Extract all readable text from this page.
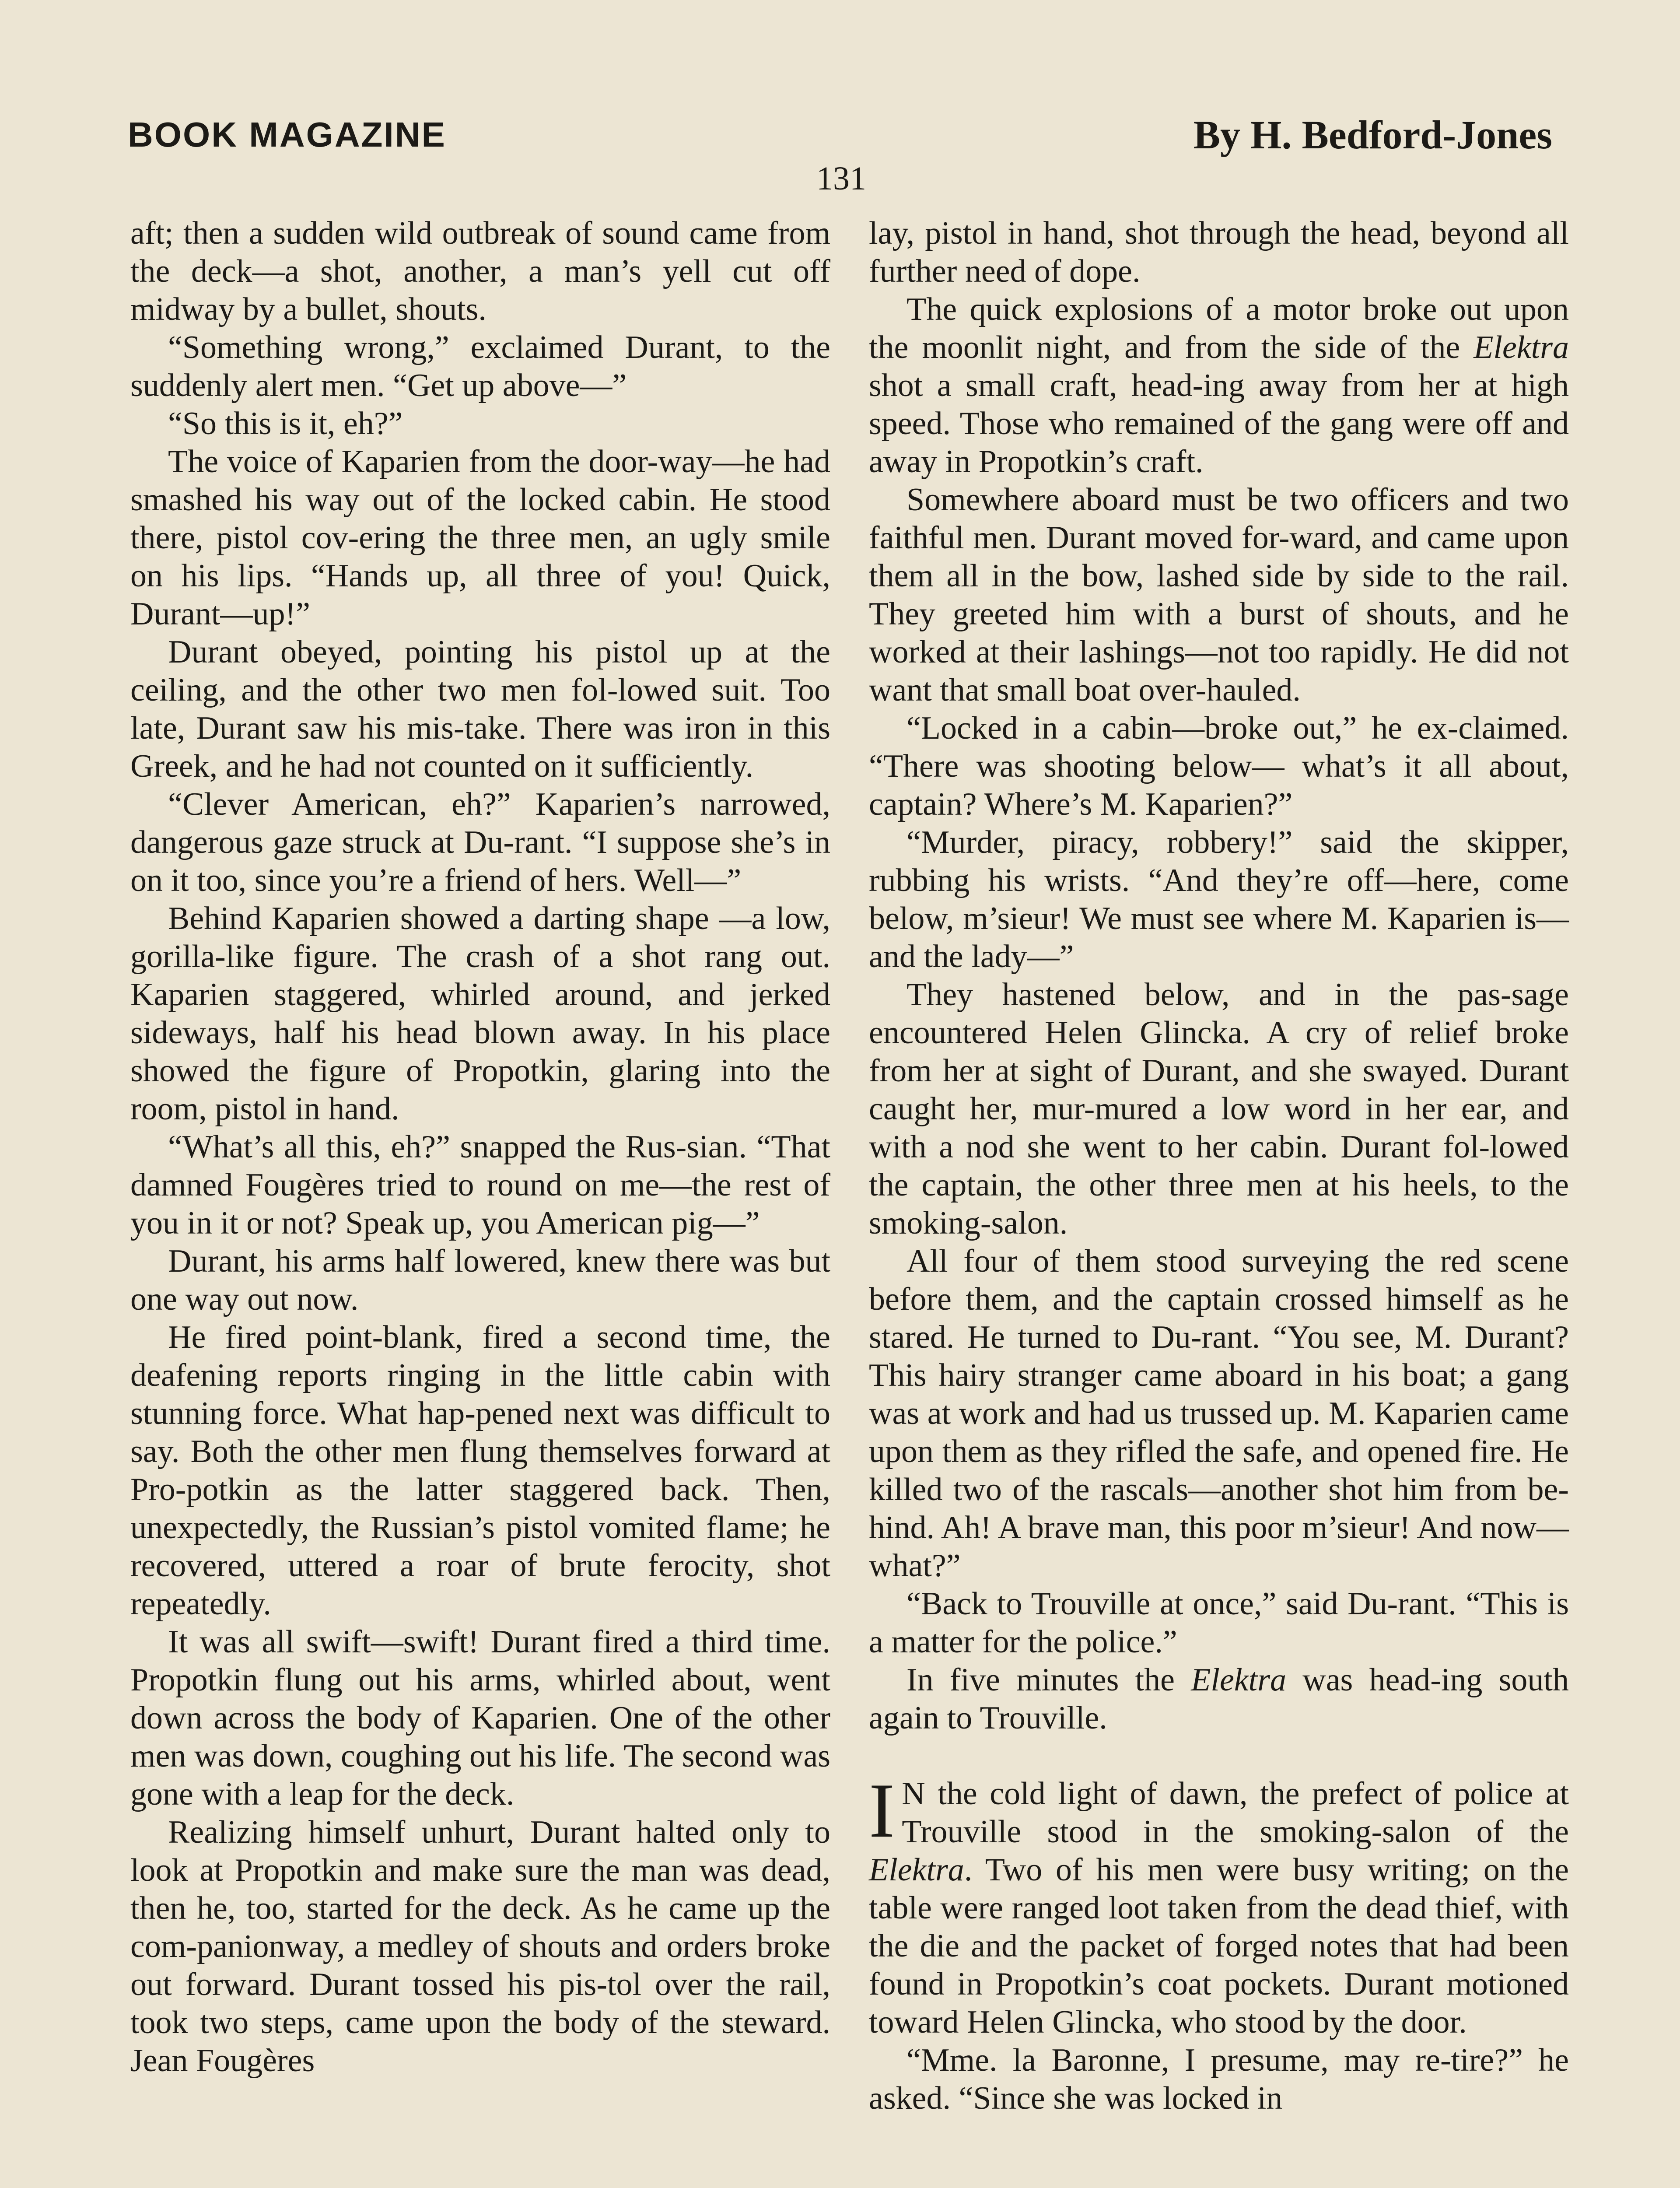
BOOK MAGAZINE	By H. Bedford-Jones
131

aft; then a sudden wild outbreak of sound came from the deck—a shot, another, a man’s yell cut off midway by a bullet, shouts.

“Something wrong,” exclaimed Durant, to the suddenly alert men. “Get up above—”

“So this is it, eh?”

The voice of Kaparien from the door-way—he had smashed his way out of the locked cabin. He stood there, pistol cov-ering the three men, an ugly smile on his lips. “Hands up, all three of you! Quick, Durant—up!”

Durant obeyed, pointing his pistol up at the ceiling, and the other two men fol-lowed suit. Too late, Durant saw his mis-take. There was iron in this Greek, and he had not counted on it sufficiently.

“Clever American, eh?” Kaparien’s narrowed, dangerous gaze struck at Du-rant. “I suppose she’s in on it too, since you’re a friend of hers. Well—”

Behind Kaparien showed a darting shape —a low, gorilla-like figure. The crash of a shot rang out. Kaparien staggered, whirled around, and jerked sideways, half his head blown away. In his place showed the figure of Propotkin, glaring into the room, pistol in hand.

“What’s all this, eh?” snapped the Rus-sian. “That damned Fougères tried to round on me—the rest of you in it or not? Speak up, you American pig—”

Durant, his arms half lowered, knew there was but one way out now.

He fired point-blank, fired a second time, the deafening reports ringing in the little cabin with stunning force. What hap-pened next was difficult to say. Both the other men flung themselves forward at Pro-potkin as the latter staggered back. Then, unexpectedly, the Russian’s pistol vomited flame; he recovered, uttered a roar of brute ferocity, shot repeatedly.

It was all swift—swift! Durant fired a third time. Propotkin flung out his arms, whirled about, went down across the body of Kaparien. One of the other men was down, coughing out his life. The second was gone with a leap for the deck.

Realizing himself unhurt, Durant halted only to look at Propotkin and make sure the man was dead, then he, too, started for the deck. As he came up the com-panionway, a medley of shouts and orders broke out forward. Durant tossed his pis-tol over the rail, took two steps, came upon the body of the steward. Jean Fougères

lay, pistol in hand, shot through the head, beyond all further need of dope.

The quick explosions of a motor broke out upon the moonlit night, and from the side of the Elektra shot a small craft, head-ing away from her at high speed. Those who remained of the gang were off and away in Propotkin’s craft.

Somewhere aboard must be two officers and two faithful men. Durant moved for-ward, and came upon them all in the bow, lashed side by side to the rail. They greeted him with a burst of shouts, and he worked at their lashings—not too rapidly. He did not want that small boat over-hauled.

“Locked in a cabin—broke out,” he ex-claimed. “There was shooting below— what’s it all about, captain? Where’s M. Kaparien?”

“Murder, piracy, robbery!” said the skipper, rubbing his wrists. “And they’re off—here, come below, m’sieur! We must see where M. Kaparien is—and the lady—”

They hastened below, and in the pas-sage encountered Helen Glincka. A cry of relief broke from her at sight of Durant, and she swayed. Durant caught her, mur-mured a low word in her ear, and with a nod she went to her cabin. Durant fol-lowed the captain, the other three men at his heels, to the smoking-salon.

All four of them stood surveying the red scene before them, and the captain crossed himself as he stared. He turned to Du-rant. “You see, M. Durant? This hairy stranger came aboard in his boat; a gang was at work and had us trussed up. M. Kaparien came upon them as they rifled the safe, and opened fire. He killed two of the rascals—another shot him from be-hind. Ah! A brave man, this poor m’sieur! And now—what?”

“Back to Trouville at once,” said Du-rant. “This is a matter for the police.”

In five minutes the Elektra was head-ing south again to Trouville.

I N the cold light of dawn, the prefect of police at Trouville stood in the smoking-salon of the Elektra. Two of his men were busy writing; on the table were ranged loot taken from the dead thief, with the die and the packet of forged notes that had been found in Propotkin’s coat pockets. Durant motioned toward Helen Glincka, who stood by the door.

“Mme. la Baronne, I presume, may re-tire?” he asked. “Since she was locked in
